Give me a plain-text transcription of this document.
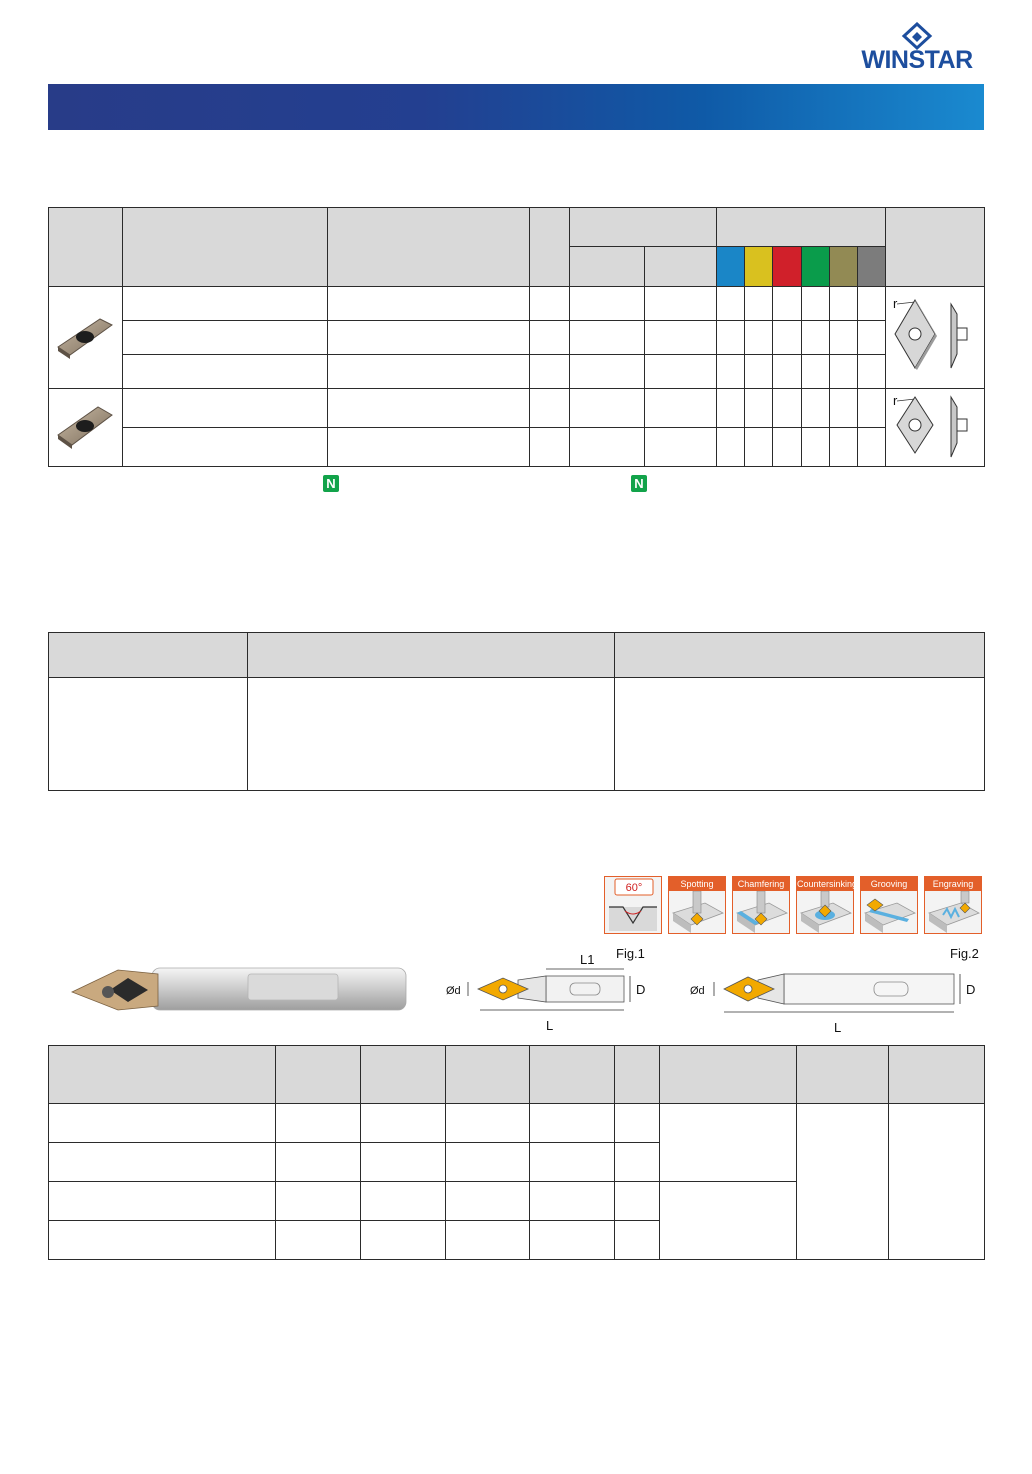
WINSTAR

r

r

N	N

60°	Spotting	Chamfering	Countersinking	Grooving	Engraving
Fig.1
L1
Ød	D
L
Fig.2
Ød	D
L
